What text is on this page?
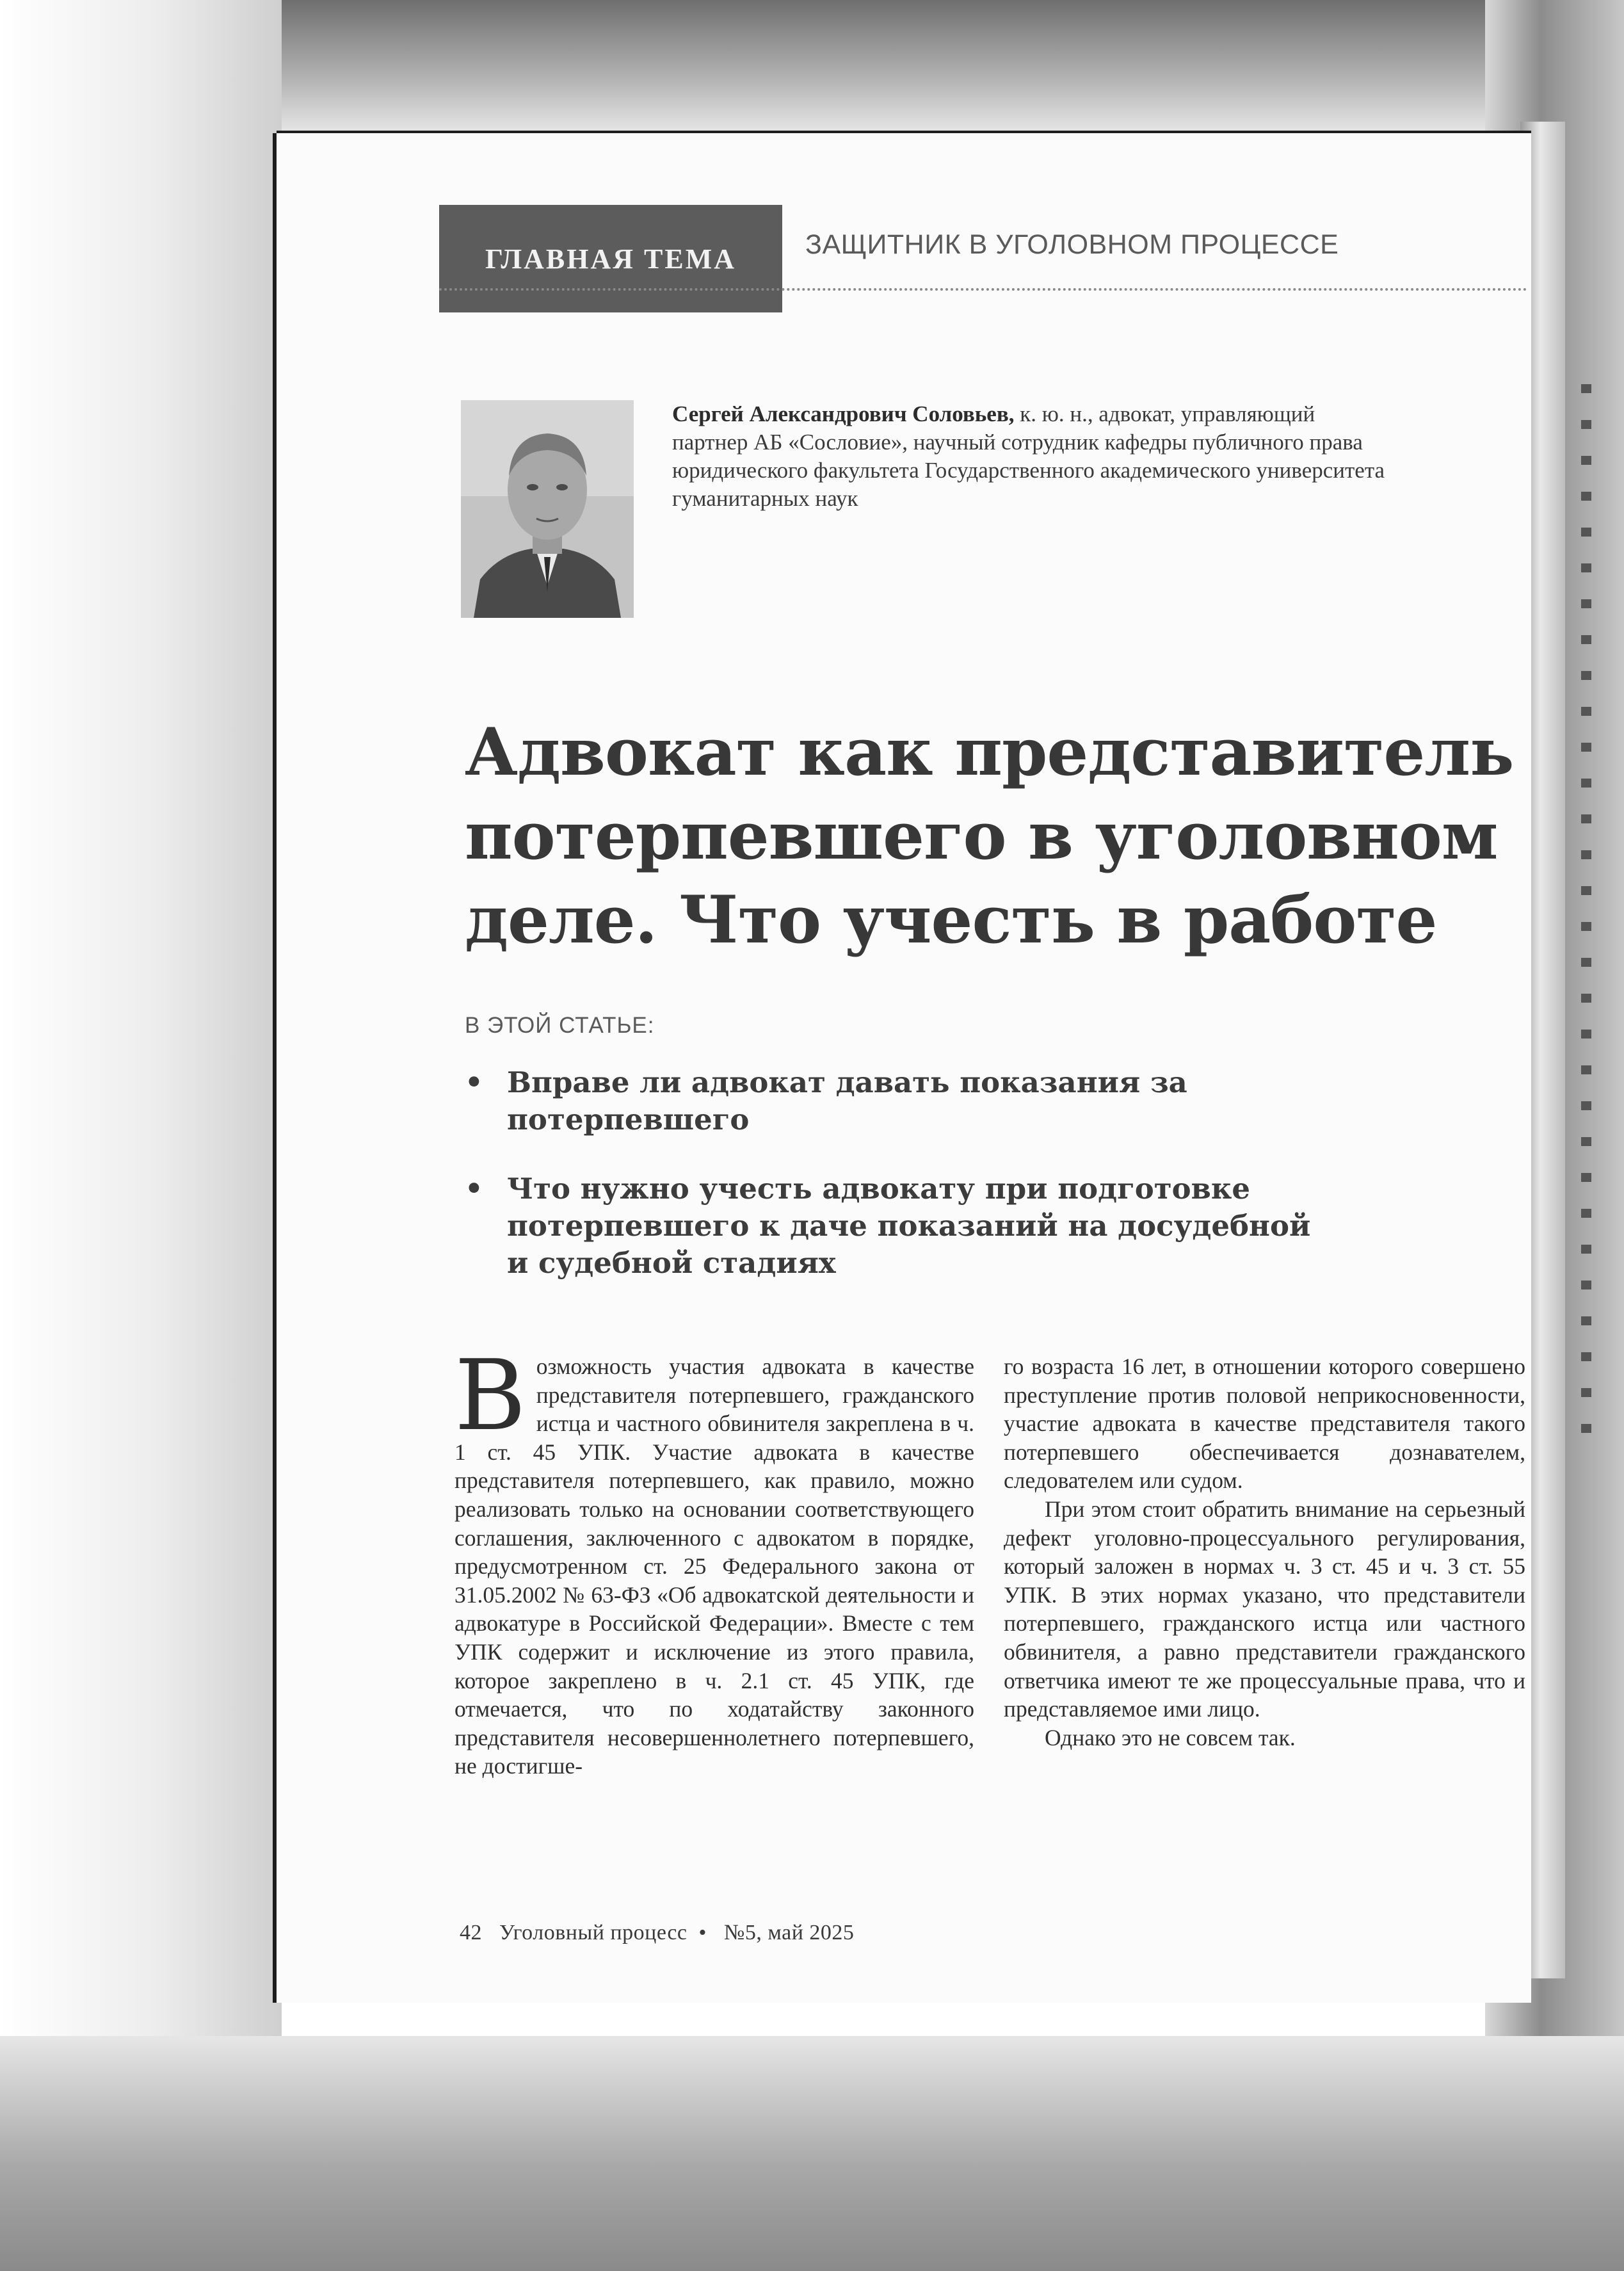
ГЛАВНАЯ ТЕМА	ЗАЩИТНИК В УГОЛОВНОМ ПРОЦЕССЕ
Сергей Александрович Соловьев, к. ю. н., адвокат, управляющий
партнер АБ «Сословие», научный сотрудник кафедры публичного права
юридического факультета Государственного академического университета
гуманитарных наук
Адвокат как представитель
потерпевшего в уголовном
деле. Что учесть в работе
В ЭТОЙ СТАТЬЕ:
• Вправе ли адвокат давать показания за потерпевшего
• Что нужно учесть адвокату при подготовке потерпевшего к даче показаний на досудебной и судебной стадиях

В озможность участия адвоката в качестве представителя потерпевшего, гражданского истца и частного обвинителя закреплена в ч. 1 ст. 45 УПК. Участие адвоката в качестве представителя потерпевшего, как правило, можно реализовать только на основании соответствующего соглашения, заключенного с адвокатом в порядке, предусмотренном ст. 25 Федерального закона от 31.05.2002 № 63-ФЗ «Об адвокатской деятельности и адвокатуре в Российской Федерации». Вместе с тем УПК содержит и исключение из этого правила, которое закреплено в ч. 2.1 ст. 45 УПК, где отмечается, что по ходатайству законного представителя несовершеннолетнего потерпевшего, не достигше-

го возраста 16 лет, в отношении которого совершено преступление против половой неприкосновенности, участие адвоката в качестве представителя такого потерпевшего обеспечивается дознавателем, следователем или судом.

При этом стоит обратить внимание на серьезный дефект уголовно-процессуального регулирования, который заложен в нормах ч. 3 ст. 45 и ч. 3 ст. 55 УПК. В этих нормах указано, что представители потерпевшего, гражданского истца или частного обвинителя, а равно представители гражданского ответчика имеют те же процессуальные права, что и представляемое ими лицо.

Однако это не совсем так.

42 Уголовный процесс • №5, май 2025
